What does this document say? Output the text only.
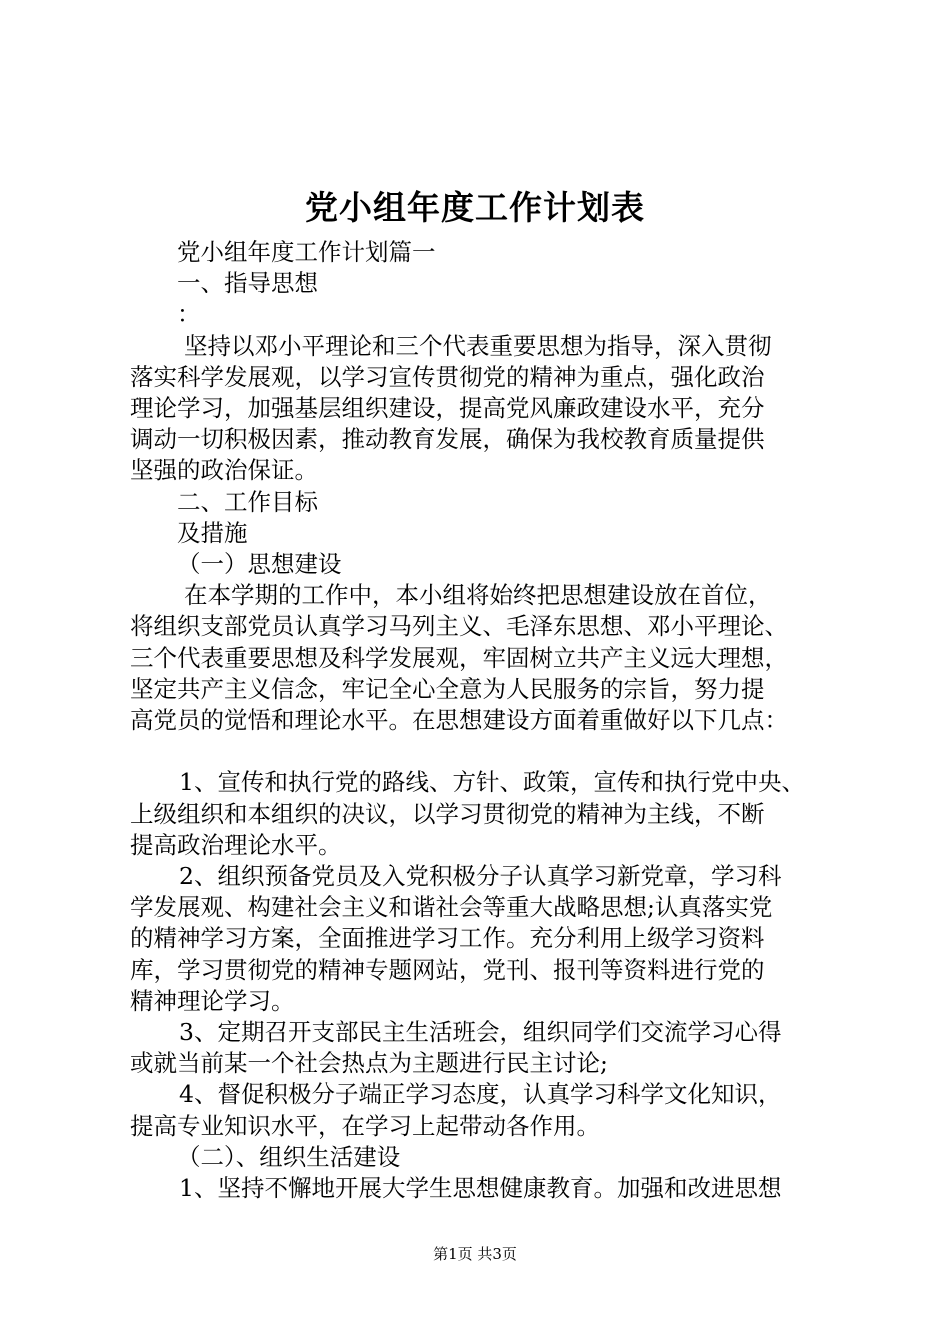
党小组年度工作计划表

党小组年度工作计划篇一

一、指导思想

：

坚持以邓小平理论和三个代表重要思想为指导，深入贯彻

落实科学发展观，以学习宣传贯彻党的精神为重点，强化政治

理论学习，加强基层组织建设，提高党风廉政建设水平，充分

调动一切积极因素，推动教育发展，确保为我校教育质量提供

坚强的政治保证。

二、工作目标

及措施

（一）思想建设

在本学期的工作中，本小组将始终把思想建设放在首位，

将组织支部党员认真学习马列主义、毛泽东思想、邓小平理论、

三个代表重要思想及科学发展观，牢固树立共产主义远大理想，

坚定共产主义信念，牢记全心全意为人民服务的宗旨，努力提

高党员的觉悟和理论水平。在思想建设方面着重做好以下几点：

1、宣传和执行党的路线、方针、政策，宣传和执行党中央、

上级组织和本组织的决议，以学习贯彻党的精神为主线，不断

提高政治理论水平。

2、组织预备党员及入党积极分子认真学习新党章，学习科

学发展观、构建社会主义和谐社会等重大战略思想;认真落实党

的精神学习方案，全面推进学习工作。充分利用上级学习资料

库，学习贯彻党的精神专题网站，党刊、报刊等资料进行党的

精神理论学习。

3、定期召开支部民主生活班会，组织同学们交流学习心得

或就当前某一个社会热点为主题进行民主讨论;

4、督促积极分子端正学习态度，认真学习科学文化知识，

提高专业知识水平，在学习上起带动各作用。

（二）、组织生活建设

1、坚持不懈地开展大学生思想健康教育。加强和改进思想

第1页 共3页
